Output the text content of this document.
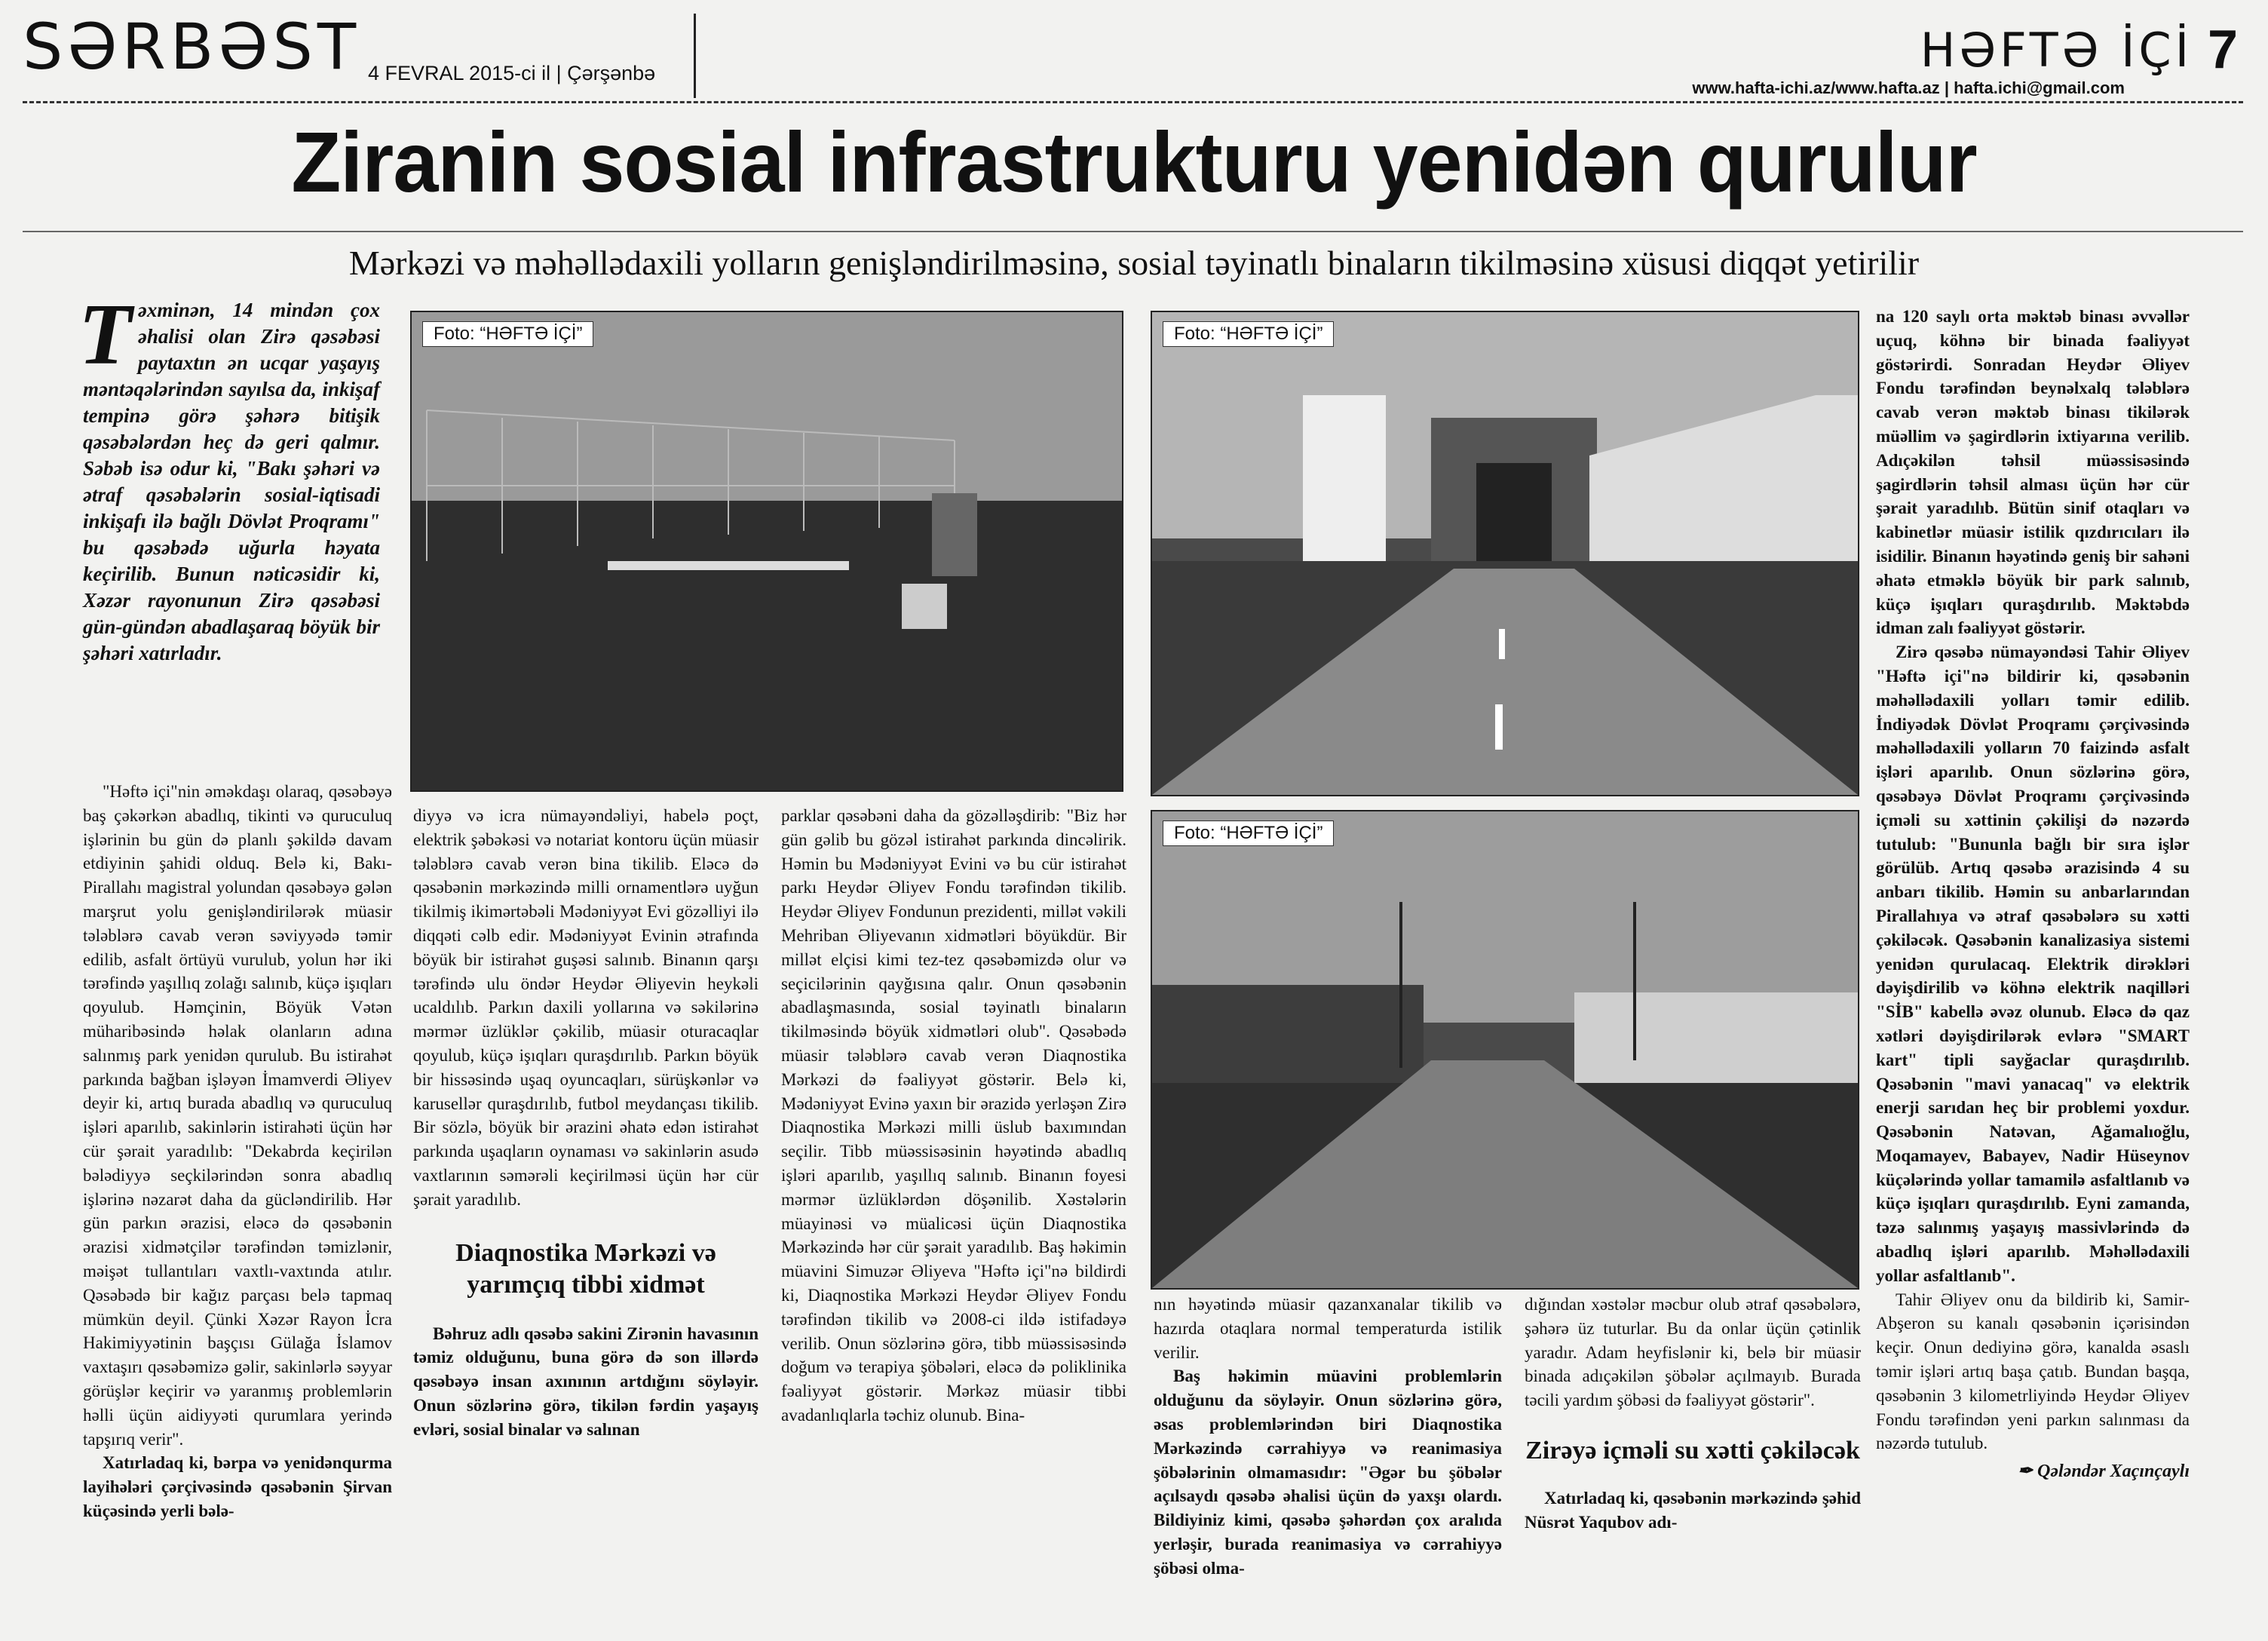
SƏRBƏST 4 FEVRAL 2015-ci il | Çərşənbə	HƏFTƏ İÇİ 7
www.hafta-ichi.az/www.hafta.az | hafta.ichi@gmail.com
Ziranin sosial infrastrukturu yenidən qurulur
Mərkəzi və məhəllədaxili yolların genişləndirilməsinə, sosial təyinatlı binaların tikilməsinə xüsusi diqqət yetirilir
Təxminən, 14 mindən çox əhalisi olan Zirə qəsəbəsi paytaxtın ən ucqar yaşayış məntəqələrindən sayılsa da, inkişaf tempinə görə şəhərə bitişik qəsəbələrdən heç də geri qalmır. Səbəb isə odur ki, "Bakı şəhəri və ətraf qəsəbələrin sosial-iqtisadi inkişafı ilə bağlı Dövlət Proqramı" bu qəsəbədə uğurla həyata keçirilib. Bunun nəticəsidir ki, Xəzər rayonunun Zirə qəsəbəsi gün-gündən abadlaşaraq böyük bir şəhəri xatırladır.

"Həftə içi"nin əməkdaşı olaraq, qəsəbəyə baş çəkərkən abadlıq, tikinti və quruculuq işlərinin bu gün də planlı şəkildə davam etdiyinin şahidi olduq. Belə ki, Bakı-Pirallahı magistral yolundan qəsəbəyə gələn marşrut yolu genişləndirilərək müasir tələblərə cavab verən səviyyədə təmir edilib, asfalt örtüyü vurulub, yolun hər iki tərəfində yaşıllıq zolağı salınıb, küçə işıqları qoyulub. Həmçinin, Böyük Vətən müharibəsində həlak olanların adına salınmış park yenidən qurulub. Bu istirahət parkında bağban işləyən İmamverdi Əliyev deyir ki, artıq burada abadlıq və quruculuq işləri aparılıb, sakinlərin istirahəti üçün hər cür şərait yaradılıb: "Dekabrda keçirilən bələdiyyə seçkilərindən sonra abadlıq işlərinə nəzarət daha da gücləndirilib. Hər gün parkın ərazisi, eləcə də qəsəbənin ərazisi xidmətçilər tərəfindən təmizlənir, məişət tullantıları vaxtlı-vaxtında atılır. Qəsəbədə bir kağız parçası belə tapmaq mümkün deyil. Çünki Xəzər Rayon İcra Hakimiyyətinin başçısı Gülağa İslamov vaxtaşırı qəsəbəmizə gəlir, sakinlərlə səyyar görüşlər keçirir və yaranmış problemlərin həlli üçün aidiyyəti qurumlara yerində tapşırıq verir".

Xatırladaq ki, bərpa və yenidənqurma layihələri çərçivəsində qəsəbənin Şirvan küçəsində yerli bələ-

Foto: “HƏFTƏ İÇİ”

diyyə və icra nümayəndəliyi, habelə poçt, elektrik şəbəkəsi və notariat kontoru üçün müasir tələblərə cavab verən bina tikilib. Eləcə də qəsəbənin mərkəzində milli ornamentlərə uyğun tikilmiş ikimərtəbəli Mədəniyyət Evi gözəlliyi ilə diqqəti cəlb edir. Mədəniyyət Evinin ətrafında böyük bir istirahət guşəsi salınıb. Binanın qarşı tərəfində ulu öndər Heydər Əliyevin heykəli ucaldılıb. Parkın daxili yollarına və səkilərinə mərmər üzlüklər çəkilib, müasir oturacaqlar qoyulub, küçə işıqları quraşdırılıb. Parkın böyük bir hissəsində uşaq oyuncaqları, sürüşkənlər və karusellər quraşdırılıb, futbol meydançası tikilib. Bir sözlə, böyük bir ərazini əhatə edən istirahət parkında uşaqların oynaması və sakinlərin asudə vaxtlarının səmərəli keçirilməsi üçün hər cür şərait yaradılıb.

Diaqnostika Mərkəzi və yarımçıq tibbi xidmət

Bəhruz adlı qəsəbə sakini Zirənin havasının təmiz olduğunu, buna görə də son illərdə qəsəbəyə insan axınının artdığını söyləyir. Onun sözlərinə görə, tikilən fərdin yaşayış evləri, sosial binalar və salınan

parklar qəsəbəni daha da gözəlləşdirib: "Biz hər gün gəlib bu gözəl istirahət parkında dincəlirik. Həmin bu Mədəniyyət Evini və bu cür istirahət parkı Heydər Əliyev Fondu tərəfindən tikilib. Heydər Əliyev Fondunun prezidenti, millət vəkili Mehriban Əliyevanın xidmətləri böyükdür. Bir millət elçisi kimi tez-tez qəsəbəmizdə olur və seçicilərinin qayğısına qalır. Onun qəsəbənin abadlaşmasında, sosial təyinatlı binaların tikilməsində böyük xidmətləri olub". Qəsəbədə müasir tələblərə cavab verən Diaqnostika Mərkəzi də fəaliyyət göstərir. Belə ki, Mədəniyyət Evinə yaxın bir ərazidə yerləşən Zirə Diaqnostika Mərkəzi milli üslub baxımından seçilir. Tibb müəssisəsinin həyətində abadlıq işləri aparılıb, yaşıllıq salınıb. Binanın foyesi mərmər üzlüklərdən döşənilib. Xəstələrin müayinəsi və müalicəsi üçün Diaqnostika Mərkəzində hər cür şərait yaradılıb. Baş həkimin müavini Simuzər Əliyeva "Həftə içi"nə bildirdi ki, Diaqnostika Mərkəzi Heydər Əliyev Fondu tərəfindən tikilib və 2008-ci ildə istifadəyə verilib. Onun sözlərinə görə, tibb müəssisəsində doğum və terapiya şöbələri, eləcə də poliklinika fəaliyyət göstərir. Mərkəz müasir tibbi avadanlıqlarla təchiz olunub. Bina-

Foto: “HƏFTƏ İÇİ”
Foto: “HƏFTƏ İÇİ”

nın həyətində müasir qazanxanalar tikilib və hazırda otaqlara normal temperaturda istilik verilir.

Baş həkimin müavini problemlərin olduğunu da söyləyir. Onun sözlərinə görə, əsas problemlərindən biri Diaqnostika Mərkəzində cərrahiyyə və reanimasiya şöbələrinin olmamasıdır: "Əgər bu şöbələr açılsaydı qəsəbə əhalisi üçün də yaxşı olardı. Bildiyiniz kimi, qəsəbə şəhərdən çox aralıda yerləşir, burada reanimasiya və cərrahiyyə şöbəsi olma-

dığından xəstələr məcbur olub ətraf qəsəbələrə, şəhərə üz tuturlar. Bu da onlar üçün çətinlik yaradır. Adam heyfislənir ki, belə bir müasir binada adıçəkilən şöbələr açılmayıb. Burada təcili yardım şöbəsi də fəaliyyət göstərir".

Zirəyə içməli su xətti çəkiləcək

Xatırladaq ki, qəsəbənin mərkəzində şəhid Nüsrət Yaqubov adı-

na 120 saylı orta məktəb binası əvvəllər uçuq, köhnə bir binada fəaliyyət göstərirdi. Sonradan Heydər Əliyev Fondu tərəfindən beynəlxalq tələblərə cavab verən məktəb binası tikilərək müəllim və şagirdlərin ixtiyarına verilib. Adıçəkilən təhsil müəssisəsində şagirdlərin təhsil alması üçün hər cür şərait yaradılıb. Bütün sinif otaqları və kabinetlər müasir istilik qızdırıcıları ilə isidilir. Binanın həyətində geniş bir sahəni əhatə etməklə böyük bir park salınıb, küçə işıqları quraşdırılıb. Məktəbdə idman zalı fəaliyyət göstərir.

Zirə qəsəbə nümayəndəsi Tahir Əliyev "Həftə içi"nə bildirir ki, qəsəbənin məhəllədaxili yolları təmir edilib. İndiyədək Dövlət Proqramı çərçivəsində məhəllədaxili yolların 70 faizində asfalt işləri aparılıb. Onun sözlərinə görə, qəsəbəyə Dövlət Proqramı çərçivəsində içməli su xəttinin çəkilişi də nəzərdə tutulub: "Bununla bağlı bir sıra işlər görülüb. Artıq qəsəbə ərazisində 4 su anbarı tikilib. Həmin su anbarlarından Pirallahıya və ətraf qəsəbələrə su xətti çəkiləcək. Qəsəbənin kanalizasiya sistemi yenidən qurulacaq. Elektrik dirəkləri dəyişdirilib və köhnə elektrik naqilləri "SİB" kabellə əvəz olunub. Eləcə də qaz xətləri dəyişdirilərək evlərə "SMART kart" tipli sayğaclar quraşdırılıb. Qəsəbənin "mavi yanacaq" və elektrik enerji sarıdan heç bir problemi yoxdur. Qəsəbənin Natəvan, Ağamalıoğlu, Moqamayev, Babayev, Nadir Hüseynov küçələrində yollar tamamilə asfaltlanıb və küçə işıqları quraşdırılıb. Eyni zamanda, təzə salınmış yaşayış massivlərində də abadlıq işləri aparılıb. Məhəllədaxili yollar asfaltlanıb".

Tahir Əliyev onu da bildirib ki, Samir-Abşeron su kanalı qəsəbənin içərisindən keçir. Onun dediyinə görə, kanalda əsaslı təmir işləri artıq başa çatıb. Bundan başqa, qəsəbənin 3 kilometrliyində Heydər Əliyev Fondu tərəfindən yeni parkın salınması da nəzərdə tutulub.

✒ Qələndər Xaçınçaylı
